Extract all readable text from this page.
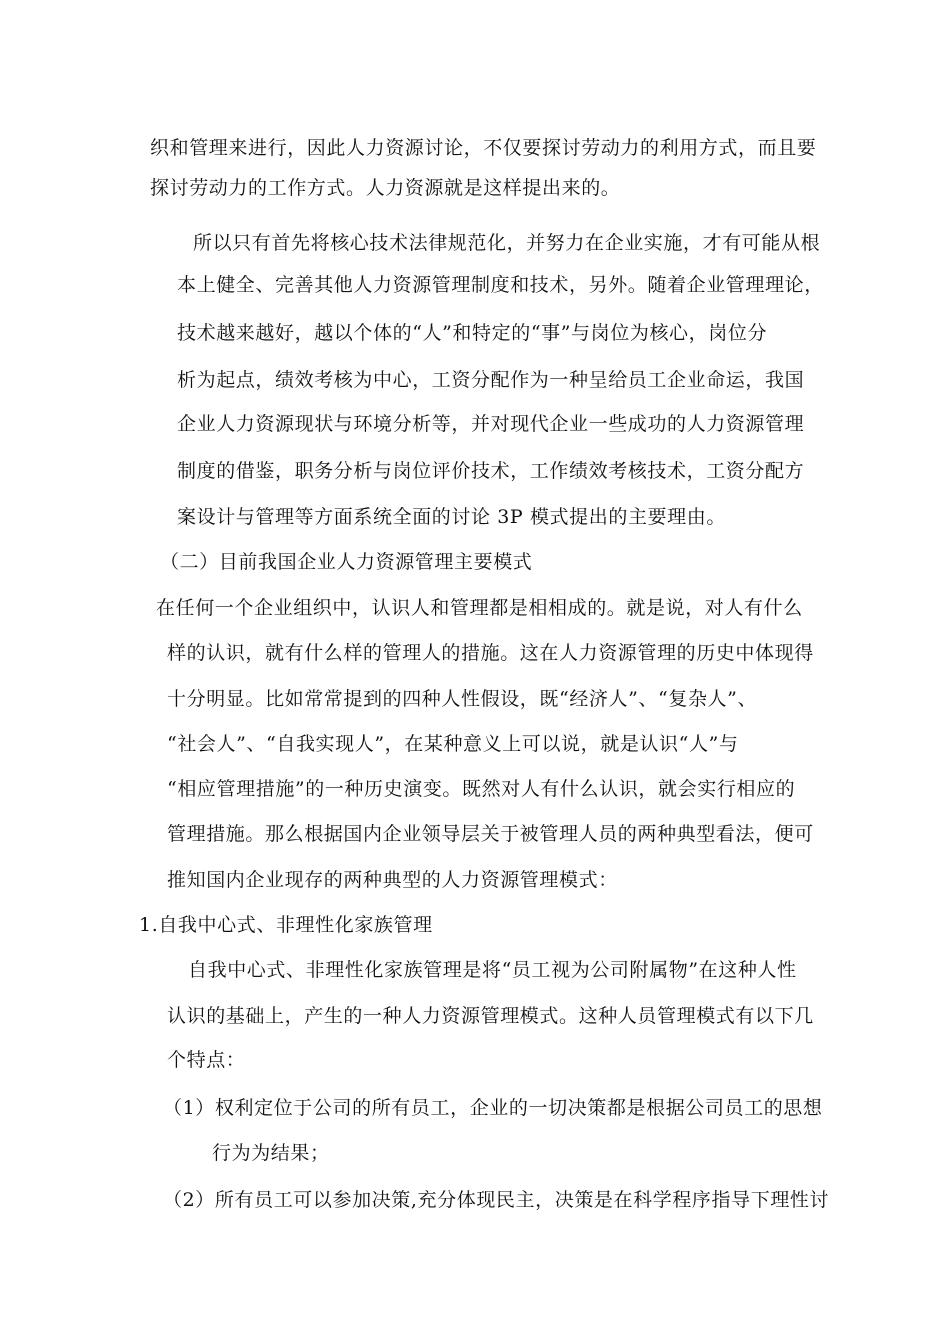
织和管理来进行，因此人力资源讨论，不仅要探讨劳动力的利用方式，而且要
探讨劳动力的工作方式。人力资源就是这样提出来的。
所以只有首先将核心技术法律规范化，并努力在企业实施，才有可能从根
本上健全、完善其他人力资源管理制度和技术，另外。随着企业管理理论，
技术越来越好，越以个体的“人”和特定的“事”与岗位为核心，岗位分
析为起点，绩效考核为中心，工资分配作为一种呈给员工企业命运，我国
企业人力资源现状与环境分析等，并对现代企业一些成功的人力资源管理
制度的借鉴，职务分析与岗位评价技术，工作绩效考核技术，工资分配方
案设计与管理等方面系统全面的讨论 3P 模式提出的主要理由。
（二）目前我国企业人力资源管理主要模式
在任何一个企业组织中，认识人和管理都是相相成的。就是说，对人有什么
样的认识，就有什么样的管理人的措施。这在人力资源管理的历史中体现得
十分明显。比如常常提到的四种人性假设，既“经济人”、“复杂人”、
“社会人”、“自我实现人”，在某种意义上可以说，就是认识“人”与
“相应管理措施”的一种历史演变。既然对人有什么认识，就会实行相应的
管理措施。那么根据国内企业领导层关于被管理人员的两种典型看法，便可
推知国内企业现存的两种典型的人力资源管理模式：
1.自我中心式、非理性化家族管理
自我中心式、非理性化家族管理是将“员工视为公司附属物”在这种人性
认识的基础上，产生的一种人力资源管理模式。这种人员管理模式有以下几
个特点：
（1）权利定位于公司的所有员工，企业的一切决策都是根据公司员工的思想
行为为结果；
（2）所有员工可以参加决策,充分体现民主，决策是在科学程序指导下理性讨
